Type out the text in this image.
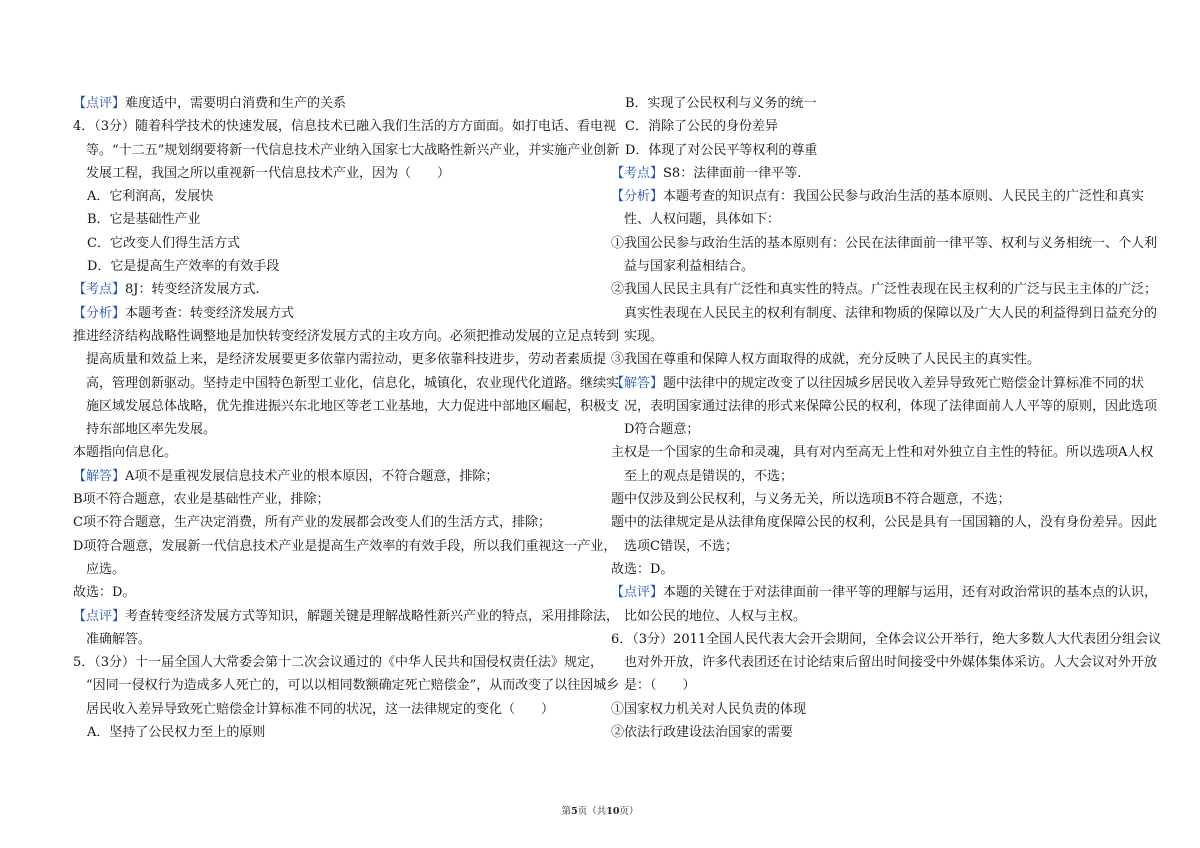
【点评】难度适中，需要明白消费和生产的关系
4．（3分）随着科学技术的快速发展，信息技术已融入我们生活的方方面面。如打电话、看电视
等。“十二五”规划纲要将新一代信息技术产业纳入国家七大战略性新兴产业，并实施产业创新
发展工程，我国之所以重视新一代信息技术产业，因为（　　）
A．它利润高，发展快
B．它是基础性产业
C．它改变人们得生活方式
D．它是提高生产效率的有效手段
【考点】8J：转变经济发展方式.
【分析】本题考查：转变经济发展方式
推进经济结构战略性调整地是加快转变经济发展方式的主攻方向。必须把推动发展的立足点转到
提高质量和效益上来，是经济发展要更多依靠内需拉动，更多依靠科技进步，劳动者素质提
高，管理创新驱动。坚持走中国特色新型工业化，信息化，城镇化，农业现代化道路。继续实
施区域发展总体战略，优先推进振兴东北地区等老工业基地，大力促进中部地区崛起，积极支
持东部地区率先发展。
本题指向信息化。
【解答】A项不是重视发展信息技术产业的根本原因，不符合题意，排除；
B项不符合题意，农业是基础性产业，排除；
C项不符合题意，生产决定消费，所有产业的发展都会改变人们的生活方式，排除；
D项符合题意，发展新一代信息技术产业是提高生产效率的有效手段，所以我们重视这一产业，
应选。
故选：D。
【点评】考查转变经济发展方式等知识，解题关键是理解战略性新兴产业的特点，采用排除法，
准确解答。
5．（3分）十一届全国人大常委会第十二次会议通过的《中华人民共和国侵权责任法》规定，
“因同一侵权行为造成多人死亡的，可以以相同数额确定死亡赔偿金”，从而改变了以往因城乡
居民收入差异导致死亡赔偿金计算标准不同的状况，这一法律规定的变化（　　）
A．坚持了公民权力至上的原则
B．实现了公民权利与义务的统一
C．消除了公民的身份差异
D．体现了对公民平等权利的尊重
【考点】S8：法律面前一律平等.
【分析】本题考查的知识点有：我国公民参与政治生活的基本原则、人民民主的广泛性和真实
性、人权问题，具体如下：
①我国公民参与政治生活的基本原则有：公民在法律面前一律平等、权利与义务相统一、个人利
益与国家利益相结合。
②我国人民民主具有广泛性和真实性的特点。广泛性表现在民主权利的广泛与民主主体的广泛；
真实性表现在人民民主的权利有制度、法律和物质的保障以及广大人民的利益得到日益充分的
实现。
③我国在尊重和保障人权方面取得的成就，充分反映了人民民主的真实性。
【解答】题中法律中的规定改变了以往因城乡居民收入差异导致死亡赔偿金计算标准不同的状
况，表明国家通过法律的形式来保障公民的权利，体现了法律面前人人平等的原则，因此选项
D符合题意；
主权是一个国家的生命和灵魂，具有对内至高无上性和对外独立自主性的特征。所以选项A人权
至上的观点是错误的，不选；
题中仅涉及到公民权利，与义务无关，所以选项B不符合题意，不选；
题中的法律规定是从法律角度保障公民的权利，公民是具有一国国籍的人，没有身份差异。因此
选项C错误，不选；
故选：D。
【点评】本题的关键在于对法律面前一律平等的理解与运用，还有对政治常识的基本点的认识，
比如公民的地位、人权与主权。
6．（3分）2011全国人民代表大会开会期间，全体会议公开举行，绝大多数人大代表团分组会议
也对外开放，许多代表团还在讨论结束后留出时间接受中外媒体集体采访。人大会议对外开放
是：（　　）
①国家权力机关对人民负责的体现
②依法行政建设法治国家的需要
第5页（共10页）
